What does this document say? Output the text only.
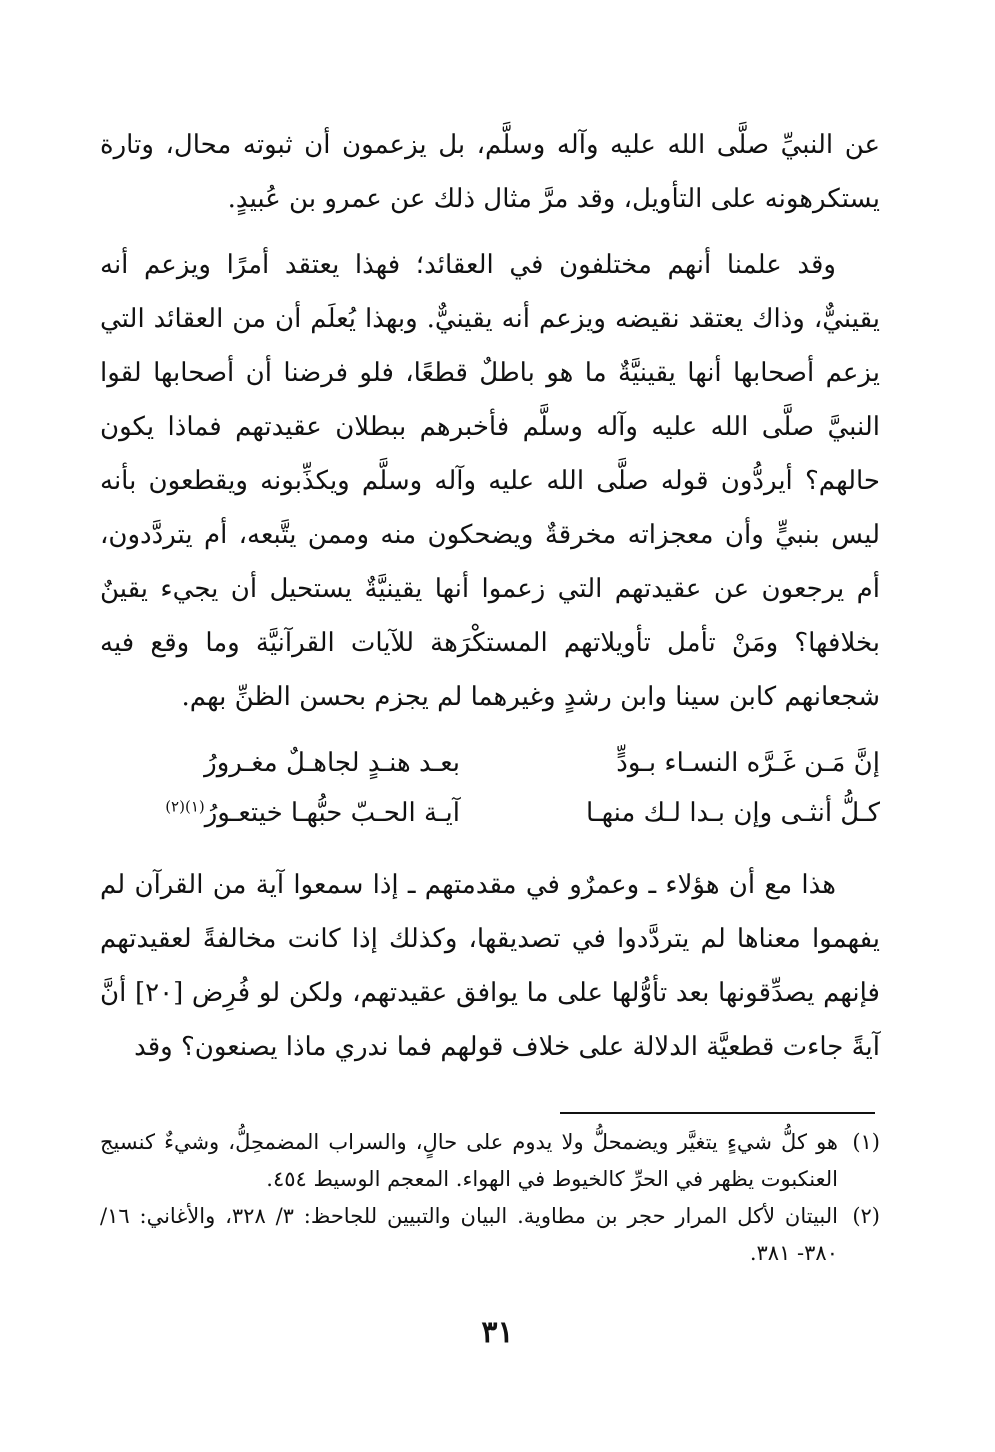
عن النبيِّ صلَّى الله عليه وآله وسلَّم، بل يزعمون أن ثبوته محال، وتارة يستكرهونه على التأويل، وقد مرَّ مثال ذلك عن عمرو بن عُبيدٍ.

وقد علمنا أنهم مختلفون في العقائد؛ فهذا يعتقد أمرًا ويزعم أنه يقينيٌّ، وذاك يعتقد نقيضه ويزعم أنه يقينيٌّ. وبهذا يُعلَم أن من العقائد التي يزعم أصحابها أنها يقينيَّةٌ ما هو باطلٌ قطعًا، فلو فرضنا أن أصحابها لقوا النبيَّ صلَّى الله عليه وآله وسلَّم فأخبرهم ببطلان عقيدتهم فماذا يكون حالهم؟ أيردُّون قوله صلَّى الله عليه وآله وسلَّم ويكذِّبونه ويقطعون بأنه ليس بنبيٍّ وأن معجزاته مخرقةٌ ويضحكون منه وممن يتَّبعه، أم يتردَّدون، أم يرجعون عن عقيدتهم التي زعموا أنها يقينيَّةٌ يستحيل أن يجيء يقينٌ بخلافها؟ ومَنْ تأمل تأويلاتهم المستكْرَهة للآيات القرآنيَّة وما وقع فيه شجعانهم كابن سينا وابن رشدٍ وغيرهما لم يجزم بحسن الظنِّ بهم.

إنَّ مَـن غَـرَّه النسـاء بـودٍّ
بعـد هنـدٍ لجاهـلٌ مغـرورُ
كـلُّ أنثـى وإن بـدا لـك منهـا
آيـة الحـبّ حبُّهـا خيتعـورُ$^{(١)(٢)}$

هذا مع أن هؤلاء ـ وعمرٌو في مقدمتهم ـ إذا سمعوا آية من القرآن لم يفهموا معناها لم يتردَّدوا في تصديقها، وكذلك إذا كانت مخالفةً لعقيدتهم فإنهم يصدِّقونها بعد تأوُّلها على ما يوافق عقيدتهم، ولكن لو فُرِض [٢٠] أنَّ آيةً جاءت قطعيَّة الدلالة على خلاف قولهم فما ندري ماذا يصنعون؟ وقد

(١)
هو كلُّ شيءٍ يتغيَّر ويضمحلُّ ولا يدوم على حالٍ، والسراب المضمحِلُّ، وشيءٌ كنسيج العنكبوت يظهر في الحرِّ كالخيوط في الهواء. المعجم الوسيط ٤٥٤.
(٢)
البيتان لأكل المرار حجر بن مطاوية. البيان والتبيين للجاحظ: ٣/ ٣٢٨، والأغاني: ١٦/ ٣٨٠- ٣٨١.
٣١
